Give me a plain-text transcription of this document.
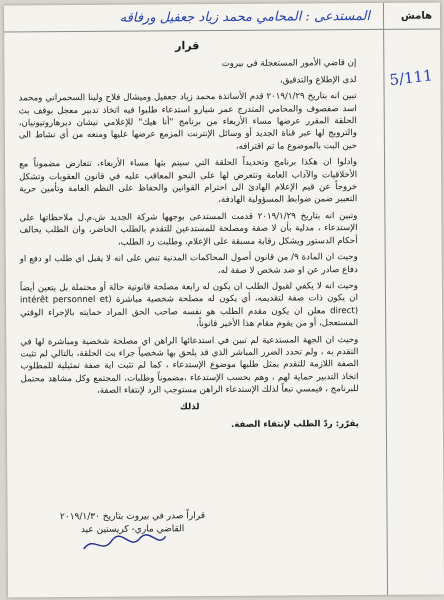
هامش
5/111
المستدعى : المحامي محمد زياد جعفيل ورفاقه

قرار

إن قاضي الأمور المستعجلة في بيروت

لدى الإطلاع والتدقيق،

تبين انه بتاريخ ٢٠١٩/١/٢٩ قدم الأساتذة محمد زياد جعفيل وميشال فلاح ولينا السحمراني ومحمد اسد صفصوف والمحامي المتدرج عمر شيارو استدعاء طلبوا فيه اتخاذ تدبير معجل بوقف بث الحلقة المقرر عرضها مساء الأربعاء من برنامج "أنا هيك" للإعلامي نيشان ديرهاروتيونيان، والترويج لها عبر قناة الجديد أو وسائل الإنترنت المزمع عرضها عليها ومنعه من أي نشاط الى حين البت بالموضوع ما تم اقترافه،

وادلوا ان هكذا برنامج وتحديداً الحلقة التي سيتم بثها مساء الأربعاء، تتعارض مضموناً مع الأخلاقيات والآداب العامة وتتعرض لها على النحو المعاقب عليه في قانون العقوبات وتشكل خروجاً عن قيم الإعلام الهادئ الى احترام القوانين والحفاظ على النظم العامة وتأمين حرية التعبير ضمن ضوابط المسؤولية الهادفة،

وتبين انه بتاريخ ٢٠١٩/١/٢٩ قدمت المستدعى بوجهها شركة الجديد ش.م.ل ملاحظاتها على الإستدعاء ، مدلية بأن لا صفة ومصلحة للمستدعين للتقدم بالطلب الحاضر، وان الطلب يخالف أحكام الدستور ويشكل رقابة مسبقة على الإعلام، وطلبت رد الطلب،

وحيث ان المادة ٩/ من قانون أصول المحاكمات المدنية تنص على انه لا يقبل اي طلب او دفع او دفاع صادر عن او ضد شخص لا صفة له،

وحيث انه لا يكفي لقبول الطلب ان يكون له رابعة مصلحة قانونية حالة أو محتملة بل يتعين أيضاً ان يكون ذات صفة لتقديمه، أي يكون له مصلحة شخصية مباشرة (intérêt personnel et direct) معلن ان يكون مقدم الطلب هو نفسه صاحب الحق المراد حمايته بالإجراء الوقتي المستعجل، أو من يقوم مقام هذا الأخير قانوناً،

وحيث ان الجهة المستدعية لم تبين في استدعائها الراهن اي مصلحة شخصية ومباشرة لها في التقدم به ، ولم تحدد الضرر المباشر الذي قد يلحق بها شخصياً جراء بث الحلقة، بالتالي لم تثبت الصفة اللازمة للتقدم بمثل طلبها موضوع الإستدعاء ، كما لم تثبت اية صفة تمثيلية للمطلوب اتخاذ التدبير حماية لهم ، وهم بحسب الإستدعاء ،مضموناً وطلبات، المجتمع وكل مشاهد محتمل للبرنامج ، فيمسي تبعاً لذلك الإستدعاء الراهن مستوجب الرد لإنتفاء الصفة،

لذلك

يقرّر: ردّ الطلب لإنتفاء الصفة.

قراراً صدر في بيروت بتاريخ ٢٠١٩/١/٣٠
القاضي ماري- كريستين عيد
